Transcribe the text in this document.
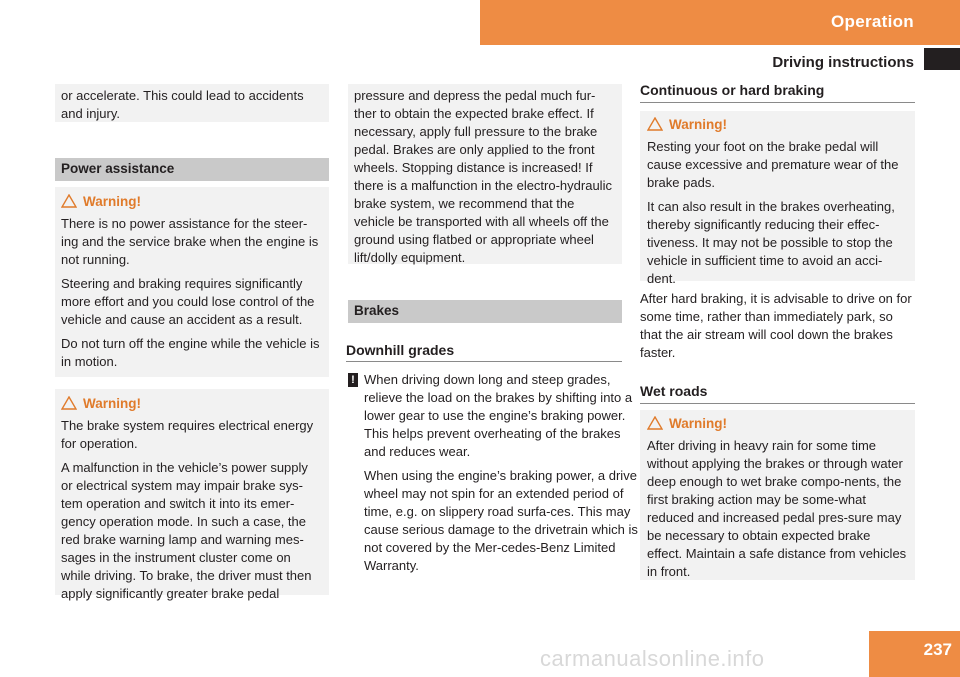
Operation
Driving instructions

or accelerate. This could lead to accidents and injury.

Power assistance
Warning!

There is no power assistance for the steer-ing and the service brake when the engine is not running.

Steering and braking requires significantly more effort and you could lose control of the vehicle and cause an accident as a result.

Do not turn off the engine while the vehicle is in motion.

Warning!

The brake system requires electrical energy for operation.

A malfunction in the vehicle’s power supply or electrical system may impair brake sys-tem operation and switch it into its emer-gency operation mode. In such a case, the red brake warning lamp and warning mes-sages in the instrument cluster come on while driving. To brake, the driver must then apply significantly greater brake pedal

pressure and depress the pedal much fur-ther to obtain the expected brake effect. If necessary, apply full pressure to the brake pedal. Brakes are only applied to the front wheels. Stopping distance is increased! If there is a malfunction in the electro-hydraulic brake system, we recommend that the vehicle be transported with all wheels off the ground using flatbed or appropriate wheel lift/dolly equipment.

Brakes
Downhill grades
! When driving down long and steep grades, relieve the load on the brakes by shifting into a lower gear to use the engine’s braking power. This helps prevent overheating of the brakes and reduces wear.

When using the engine’s braking power, a drive wheel may not spin for an extended period of time, e.g. on slippery road surfa-ces. This may cause serious damage to the drivetrain which is not covered by the Mer-cedes-Benz Limited Warranty.

Continuous or hard braking
Warning!

Resting your foot on the brake pedal will cause excessive and premature wear of the brake pads.

It can also result in the brakes overheating, thereby significantly reducing their effec-tiveness. It may not be possible to stop the vehicle in sufficient time to avoid an acci-dent.

After hard braking, it is advisable to drive on for some time, rather than immediately park, so that the air stream will cool down the brakes faster.
Wet roads
Warning!

After driving in heavy rain for some time without applying the brakes or through water deep enough to wet brake compo-nents, the first braking action may be some-what reduced and increased pedal pres-sure may be necessary to obtain expected brake effect. Maintain a safe distance from vehicles in front.

237
carmanualsonline.info
